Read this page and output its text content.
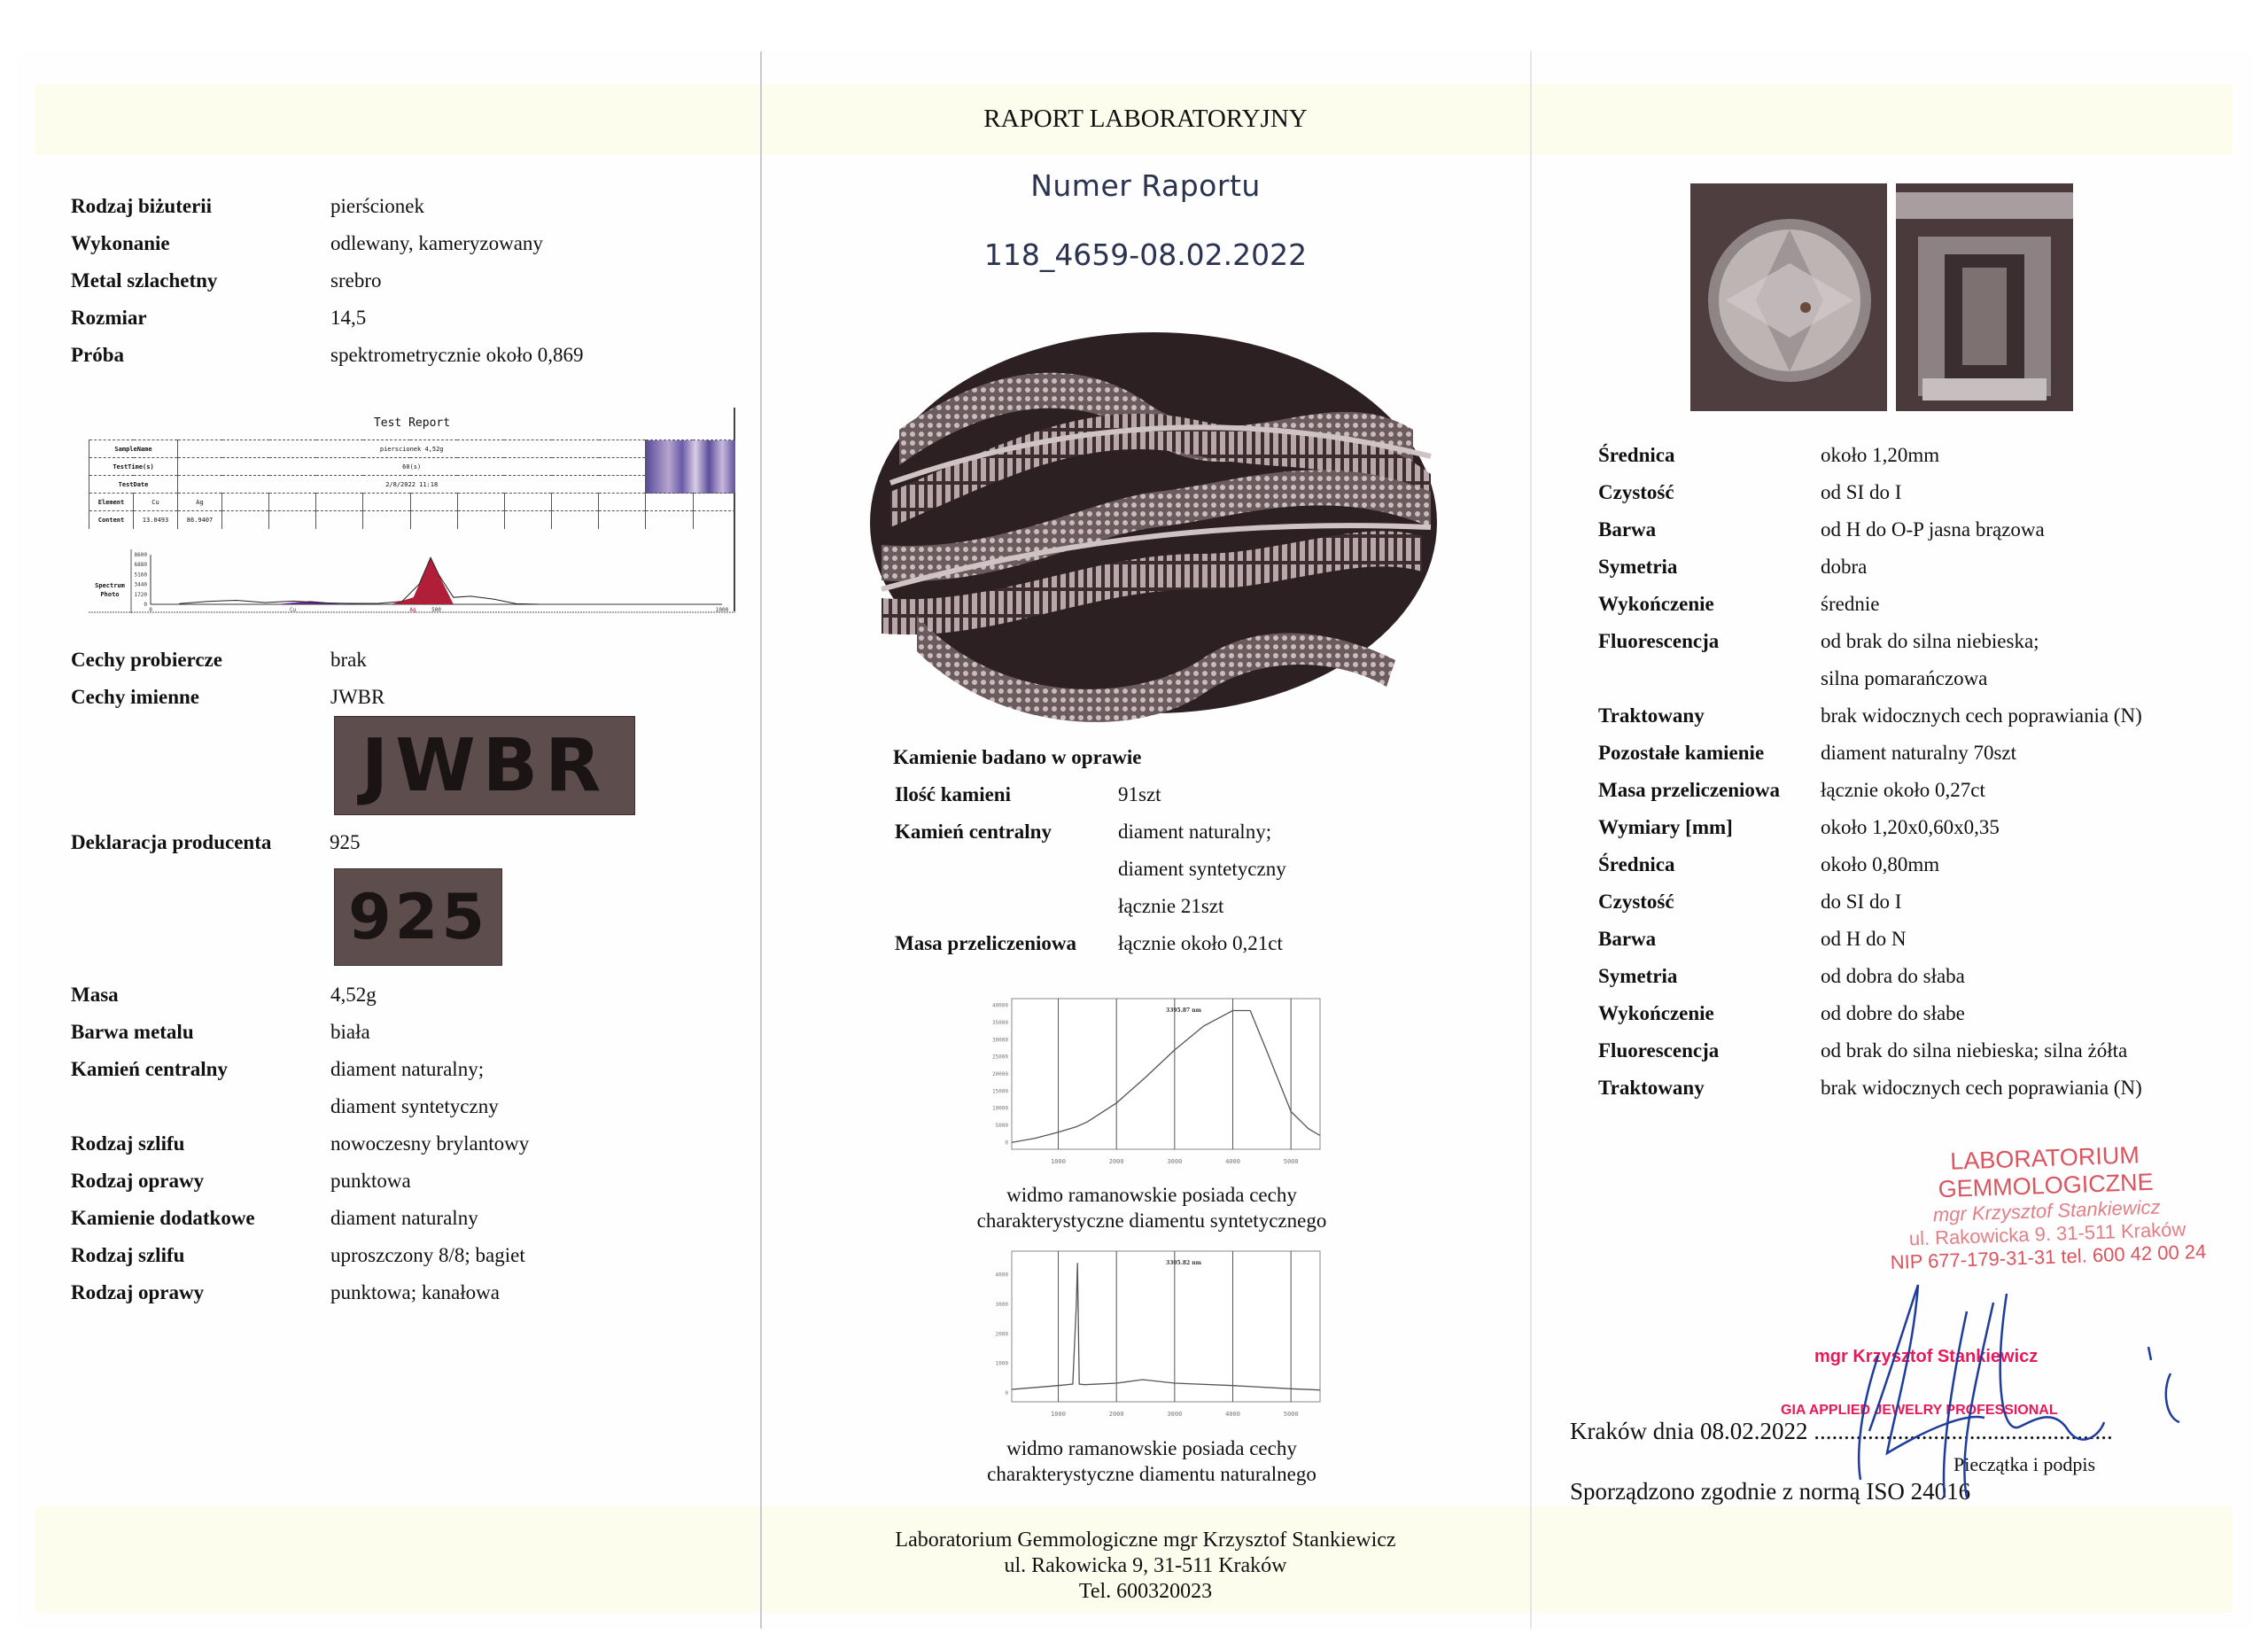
RAPORT LABORATORYJNY
Numer Raportu
118_4659-08.02.2022
Rodzaj biżuterii	pierścionek
Wykonanie	odlewany, kameryzowany
Metal szlachetny	srebro
Rozmiar	14,5
Próba	spektrometrycznie około 0,869
Test Report
SampleName		pierscionek 4,52g											
TestTime(s)		60(s)											
TestDate		2/8/2022 11:18											
Element	Cu	Ag											
Content	13.0493	86.9407											
Spectrum
Photo
0
1720
3440
5160
6880
8600
0	500	1000
Cu	Ag
Cechy probiercze	brak
Cechy imienne	JWBR
JWBR
Deklaracja producenta	925
925
Masa	4,52g
Barwa metalu	biała
Kamień centralny	diament naturalny;
diament syntetyczny
Rodzaj szlifu	nowoczesny brylantowy
Rodzaj oprawy	punktowa
Kamienie dodatkowe	diament naturalny
Rodzaj szlifu	uproszczony 8/8; bagiet
Rodzaj oprawy	punktowa; kanałowa
Kamienie badano w oprawie
Ilość kamieni	91szt
Kamień centralny	diament naturalny;
diament syntetyczny
łącznie 21szt
Masa przeliczeniowa łącznie około 0,21ct
1000	2000	3000	4000	5000
0
5000
10000
15000
20000
25000
30000
35000
40000
3395.87 nm
widmo ramanowskie posiada cechy
charakterystyczne diamentu syntetycznego
1000	2000	3000	4000	5000
0
1000
2000
3000
4000
3305.82 nm
widmo ramanowskie posiada cechy
charakterystyczne diamentu naturalnego
Laboratorium Gemmologiczne mgr Krzysztof Stankiewicz
ul. Rakowicka 9, 31-511 Kraków
Tel. 600320023
Średnica	około 1,20mm
Czystość	od SI do I
Barwa	od H do O-P jasna brązowa
Symetria	dobra
Wykończenie	średnie
Fluorescencja	od brak do silna niebieska;
silna pomarańczowa
Traktowany	brak widocznych cech poprawiania (N)
Pozostałe kamienie	diament naturalny 70szt
Masa przeliczeniowa łącznie około 0,27ct
Wymiary [mm]	około 1,20x0,60x0,35
Średnica	około 0,80mm
Czystość	do SI do I
Barwa	od H do N
Symetria	od dobra do słaba
Wykończenie	od dobre do słabe
Fluorescencja	od brak do silna niebieska; silna żółta
Traktowany	brak widocznych cech poprawiania (N)
LABORATORIUM GEMMOLOGICZNE
mgr Krzysztof Stankiewicz
ul. Rakowicka 9. 31-511 Kraków
NIP 677-179-31-31 tel. 600 42 00 24
mgr Krzysztof Stankiewicz
GIA APPLIED JEWELRY PROFESSIONAL
Kraków dnia 08.02.2022 ..................................................
Pieczątka i podpis
Sporządzono zgodnie z normą ISO 24016
